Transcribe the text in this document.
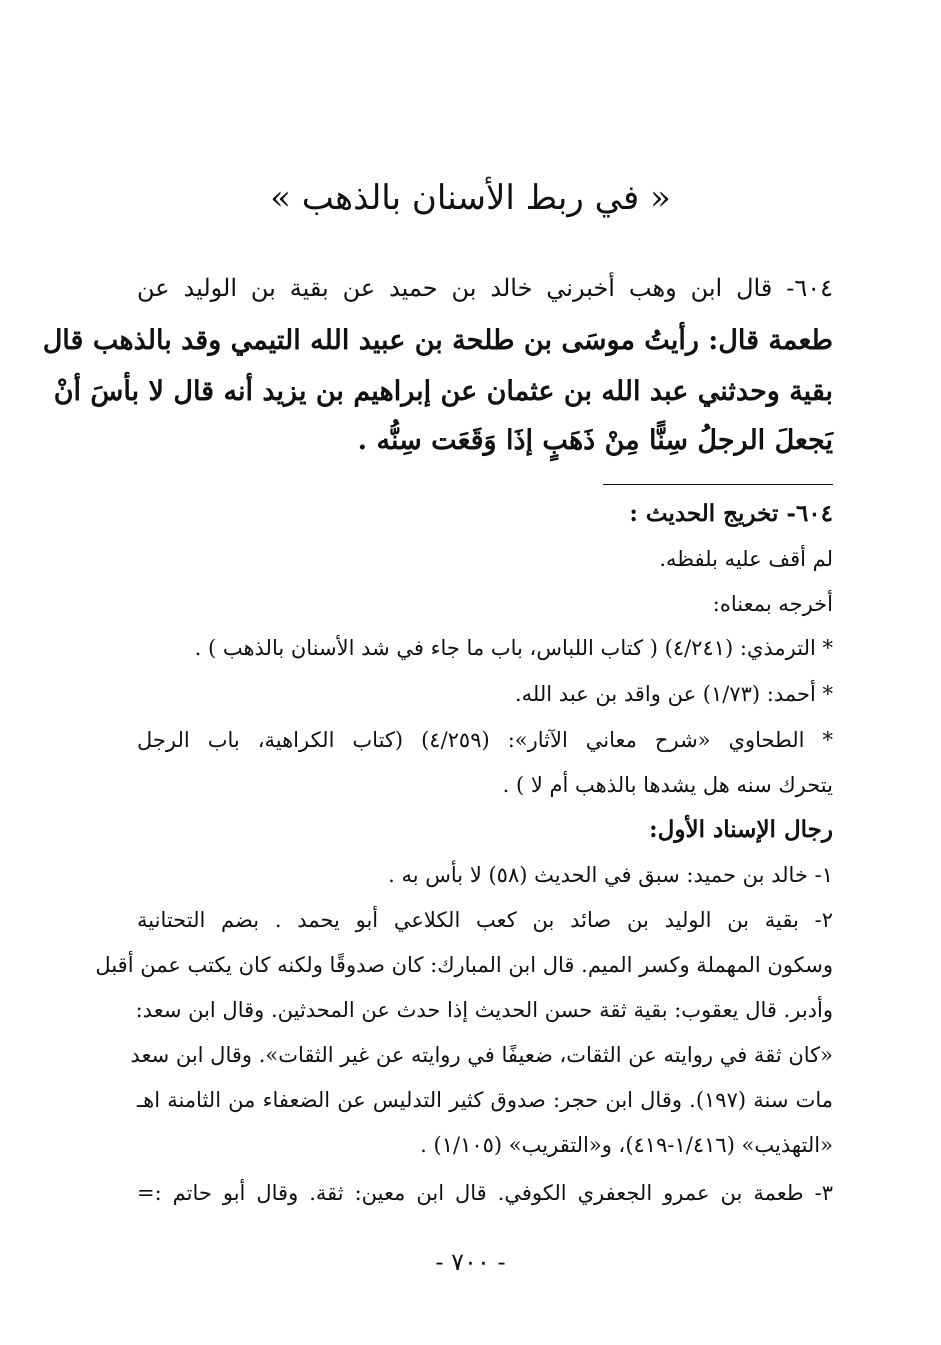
« في ربط الأسنان بالذهب »
٦٠٤- قال ابن وهب أخبرني خالد بن حميد عن بقية بن الوليد عن
طعمة قال: رأيتُ موسَى بن طلحة بن عبيد الله التيمي وقد بالذهب قال
بقية وحدثني عبد الله بن عثمان عن إبراهيم بن يزيد أنه قال لا بأسَ أنْ
يَجعلَ الرجلُ سِنًّا مِنْ ذَهَبٍ إذَا وَقَعَت سِنُّه .
٦٠٤- تخريج الحديث :
لم أقف عليه بلفظه.
أخرجه بمعناه:
* الترمذي: (٤/٢٤١) ( كتاب اللباس، باب ما جاء في شد الأسنان بالذهب ) .
* أحمد: (١/٧٣) عن واقد بن عبد الله.
* الطحاوي «شرح معاني الآثار»: (٤/٢٥٩) (كتاب الكراهية، باب الرجل
يتحرك سنه هل يشدها بالذهب أم لا ) .
رجال الإسناد الأول:
١- خالد بن حميد: سبق في الحديث (٥٨) لا بأس به .
٢- بقية بن الوليد بن صائد بن كعب الكلاعي أبو يحمد . بضم التحتانية
وسكون المهملة وكسر الميم. قال ابن المبارك: كان صدوقًا ولكنه كان يكتب عمن أقبل
وأدبر. قال يعقوب: بقية ثقة حسن الحديث إذا حدث عن المحدثين. وقال ابن سعد:
«كان ثقة في روايته عن الثقات، ضعيفًا في روايته عن غير الثقات». وقال ابن سعد
مات سنة (١٩٧). وقال ابن حجر: صدوق كثير التدليس عن الضعفاء من الثامنة اهـ
«التهذيب» (١/٤١٦-٤١٩)، و«التقريب» (١/١٠٥) .
٣- طعمة بن عمرو الجعفري الكوفي. قال ابن معين: ثقة. وقال أبو حاتم :=
- ٧٠٠ -
